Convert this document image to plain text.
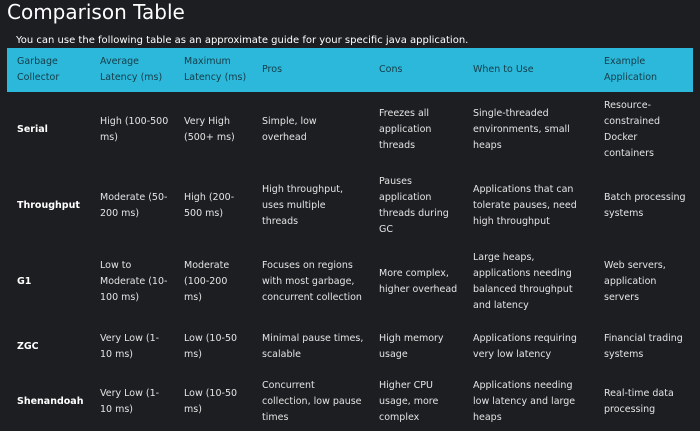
Comparison Table
You can use the following table as an approximate guide for your specific java application.
Garbage Collector	Average Latency (ms)	Maximum Latency (ms)	Pros	Cons	When to Use	Example Application
Serial	High (100-500 ms)	Very High (500+ ms)	Simple, low overhead	Freezes all application threads	Single-threaded environments, small heaps	Resource-constrained Docker containers
Throughput	Moderate (50-200 ms)	High (200-500 ms)	High throughput, uses multiple threads	Pauses application threads during GC	Applications that can tolerate pauses, need high throughput	Batch processing systems
G1	Low to Moderate (10-100 ms)	Moderate (100-200 ms)	Focuses on regions with most garbage, concurrent collection	More complex, higher overhead	Large heaps, applications needing balanced throughput and latency	Web servers, application servers
ZGC	Very Low (1-10 ms)	Low (10-50 ms)	Minimal pause times, scalable	High memory usage	Applications requiring very low latency	Financial trading systems
Shenandoah	Very Low (1-10 ms)	Low (10-50 ms)	Concurrent collection, low pause times	Higher CPU usage, more complex	Applications needing low latency and large heaps	Real-time data processing
